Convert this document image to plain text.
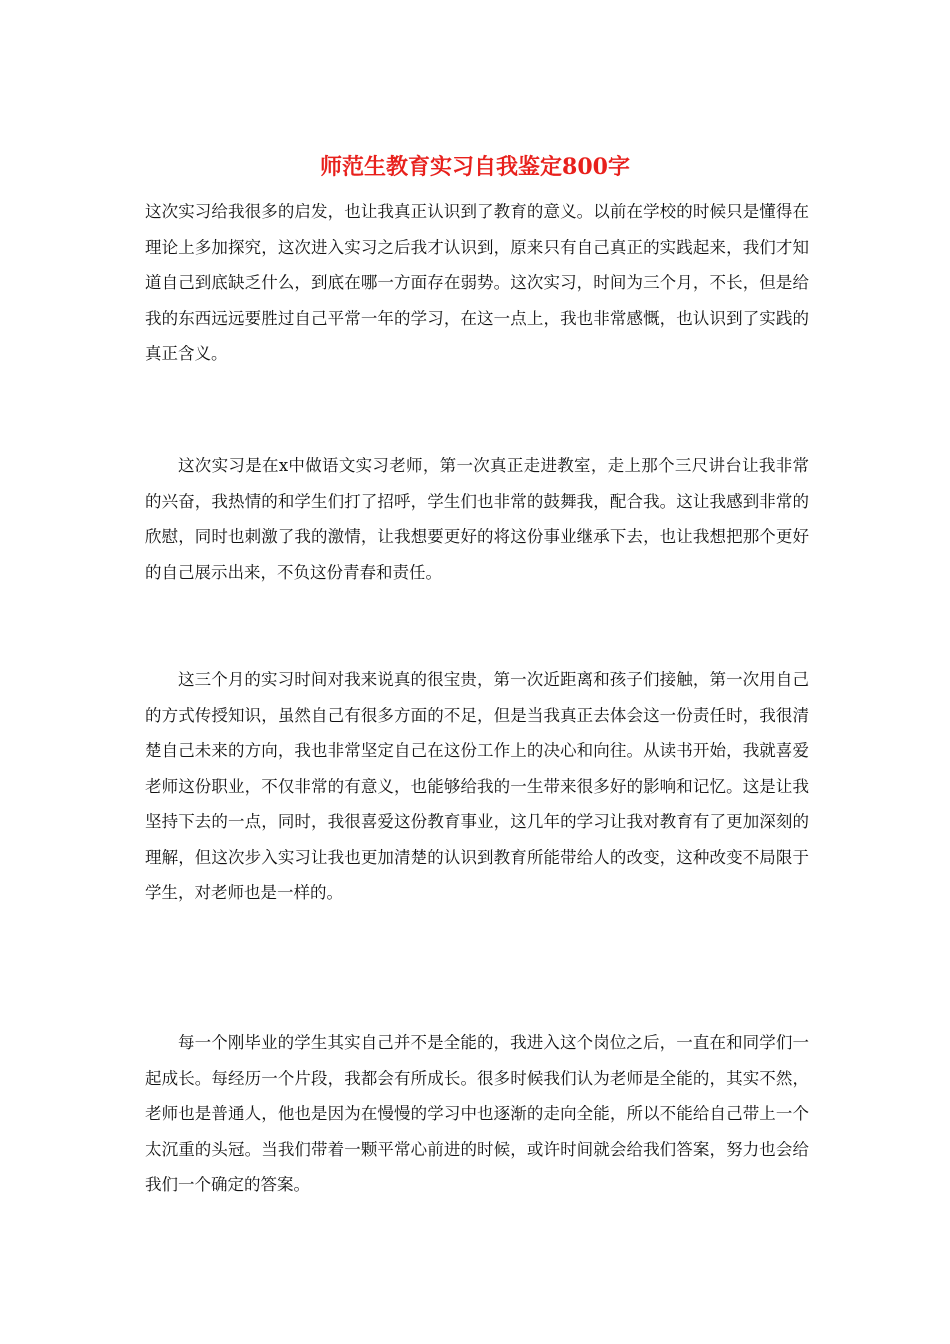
师范生教育实习自我鉴定800字

这次实习给我很多的启发，也让我真正认识到了教育的意义。以前在学校的时候只是懂得在理论上多加探究，这次进入实习之后我才认识到，原来只有自己真正的实践起来，我们才知道自己到底缺乏什么，到底在哪一方面存在弱势。这次实习，时间为三个月，不长，但是给我的东西远远要胜过自己平常一年的学习，在这一点上，我也非常感慨，也认识到了实践的真正含义。

这次实习是在x中做语文实习老师，第一次真正走进教室，走上那个三尺讲台让我非常的兴奋，我热情的和学生们打了招呼，学生们也非常的鼓舞我，配合我。这让我感到非常的欣慰，同时也刺激了我的激情，让我想要更好的将这份事业继承下去，也让我想把那个更好的自己展示出来，不负这份青春和责任。

这三个月的实习时间对我来说真的很宝贵，第一次近距离和孩子们接触，第一次用自己的方式传授知识，虽然自己有很多方面的不足，但是当我真正去体会这一份责任时，我很清楚自己未来的方向，我也非常坚定自己在这份工作上的决心和向往。从读书开始，我就喜爱老师这份职业，不仅非常的有意义，也能够给我的一生带来很多好的影响和记忆。这是让我坚持下去的一点，同时，我很喜爱这份教育事业，这几年的学习让我对教育有了更加深刻的理解，但这次步入实习让我也更加清楚的认识到教育所能带给人的改变，这种改变不局限于学生，对老师也是一样的。

每一个刚毕业的学生其实自己并不是全能的，我进入这个岗位之后，一直在和同学们一起成长。每经历一个片段，我都会有所成长。很多时候我们认为老师是全能的，其实不然，老师也是普通人，他也是因为在慢慢的学习中也逐渐的走向全能，所以不能给自己带上一个太沉重的头冠。当我们带着一颗平常心前进的时候，或许时间就会给我们答案，努力也会给我们一个确定的答案。
